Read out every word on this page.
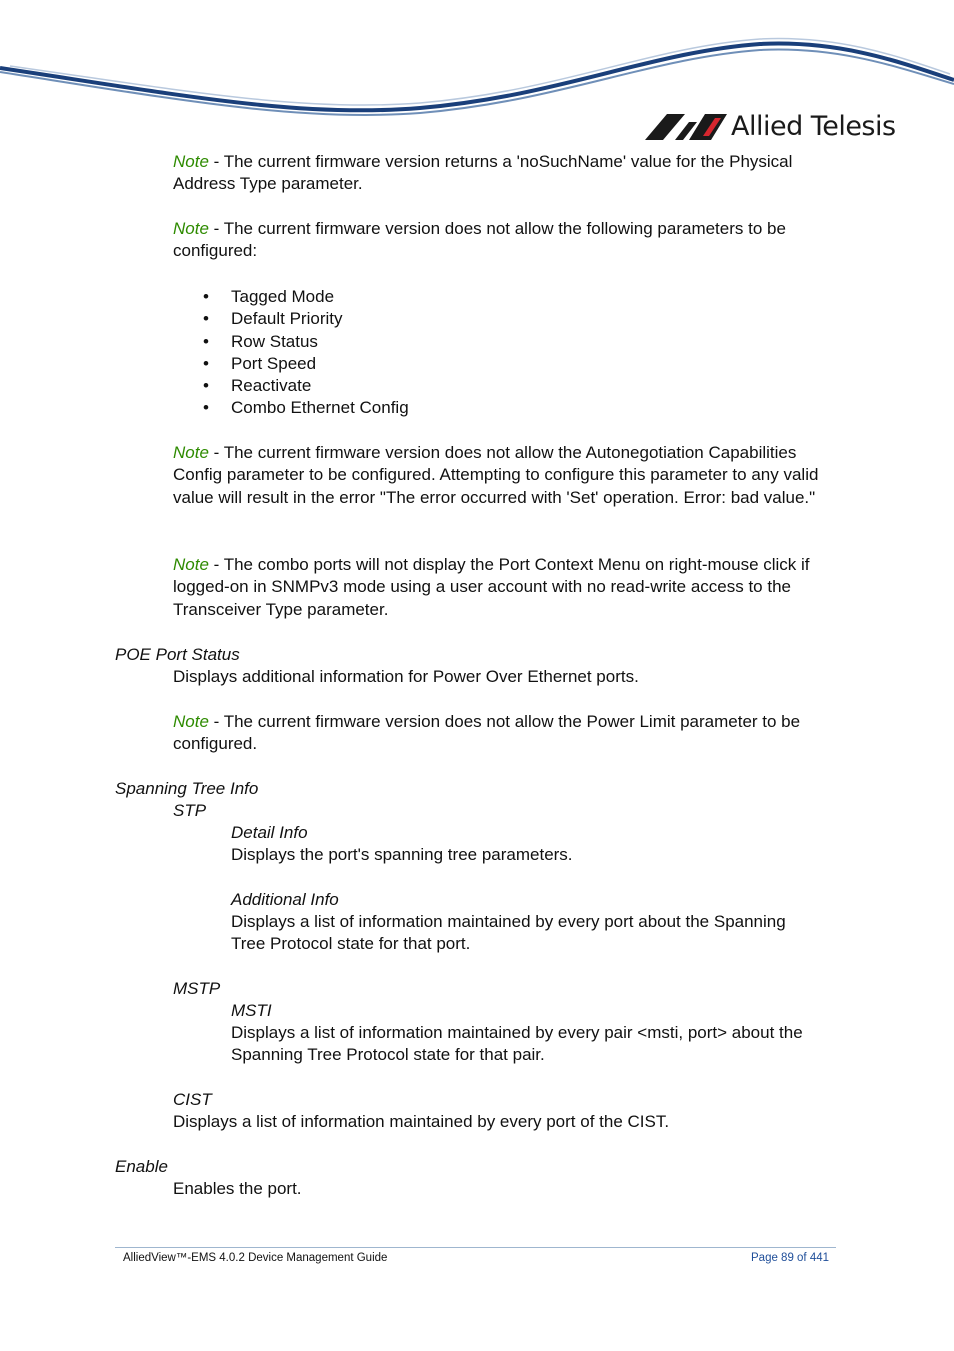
Allied Telesis

Note - The current firmware version returns a 'noSuchName' value for the Physical Address Type parameter.

Note - The current firmware version does not allow the following parameters to be configured:

• Tagged Mode
• Default Priority
• Row Status
• Port Speed
• Reactivate
• Combo Ethernet Config

Note - The current firmware version does not allow the Autonegotiation Capabilities Config parameter to be configured. Attempting to configure this parameter to any valid value will result in the error "The error occurred with 'Set' operation. Error: bad value."

Note - The combo ports will not display the Port Context Menu on right-mouse click if logged-on in SNMPv3 mode using a user account with no read-write access to the Transceiver Type parameter.

POE Port Status

Displays additional information for Power Over Ethernet ports.

Note - The current firmware version does not allow the Power Limit parameter to be configured.

Spanning Tree Info
STP
Detail Info

Displays the port's spanning tree parameters.

Additional Info

Displays a list of information maintained by every port about the Spanning Tree Protocol state for that port.

MSTP
MSTI

Displays a list of information maintained by every pair <msti, port> about the Spanning Tree Protocol state for that pair.

CIST

Displays a list of information maintained by every port of the CIST.

Enable

Enables the port.

AlliedView™-EMS 4.0.2 Device Management Guide	Page 89 of 441
